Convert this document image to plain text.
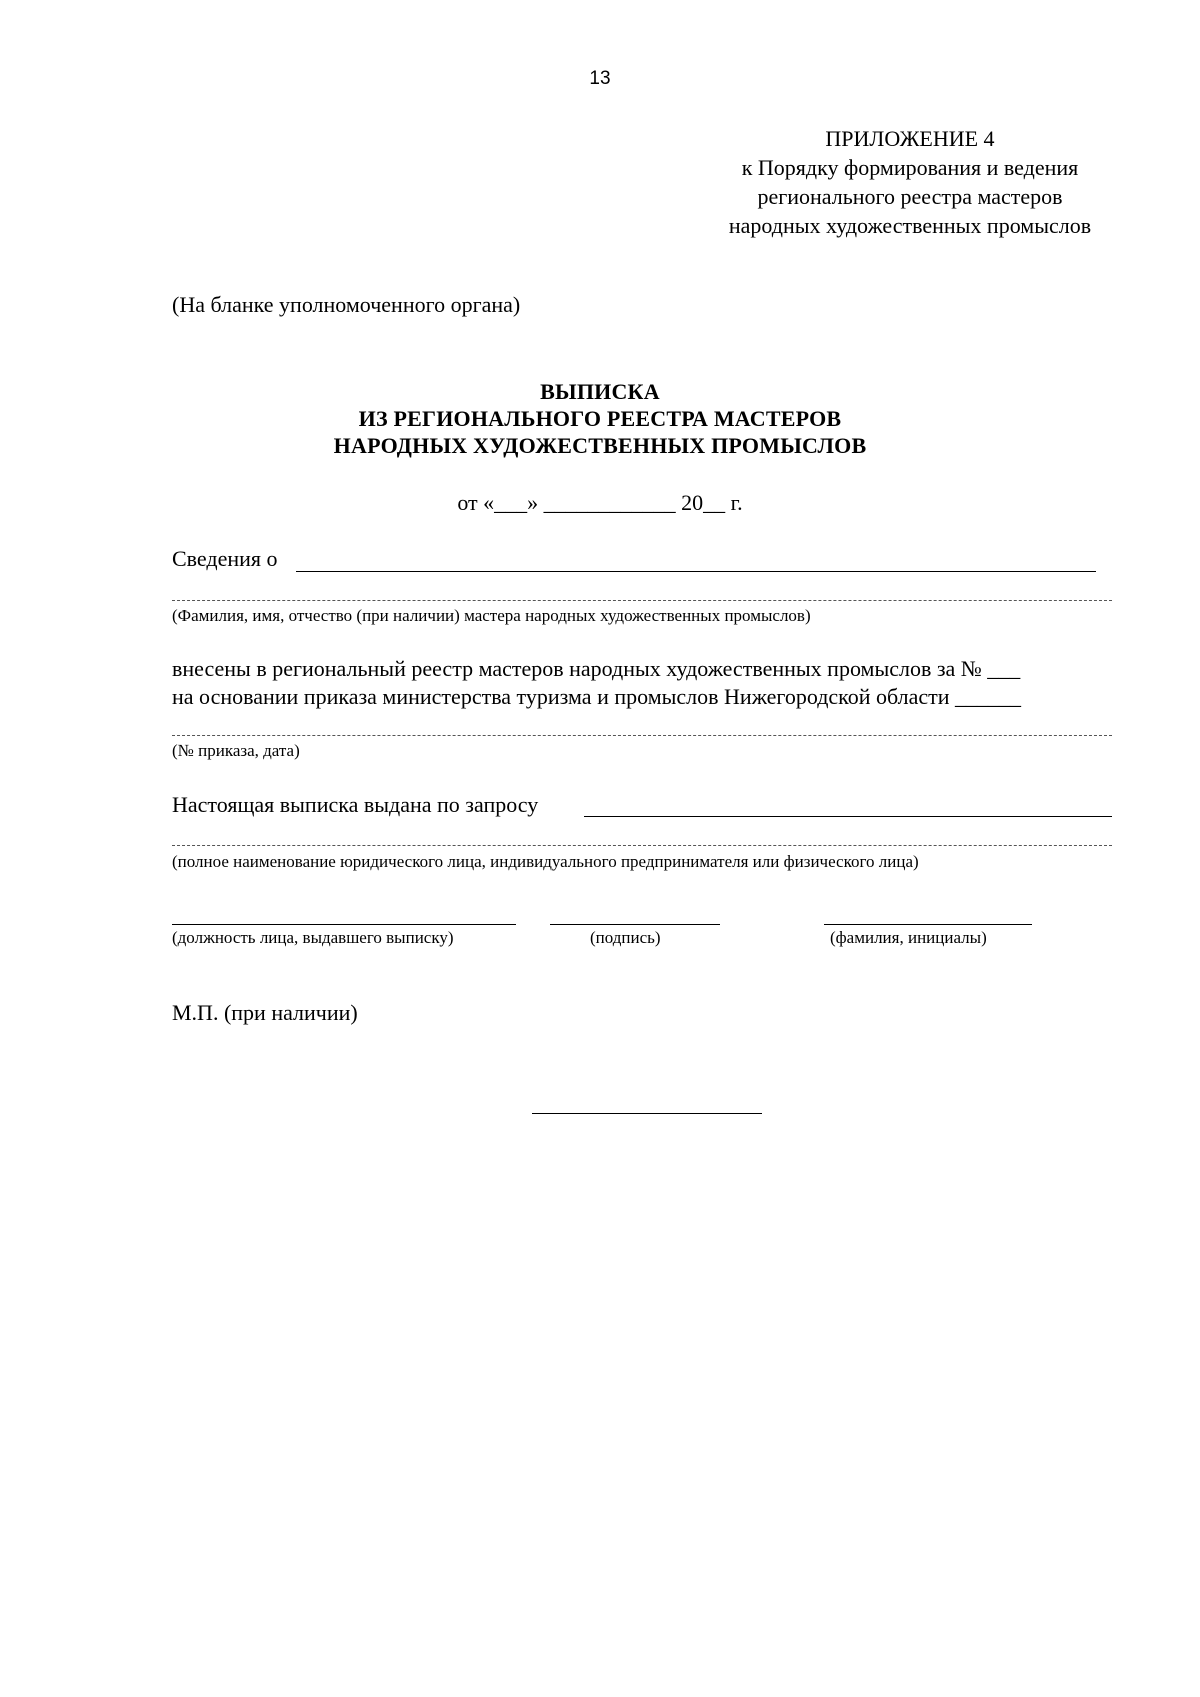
13
ПРИЛОЖЕНИЕ 4
к Порядку формирования и ведения
регионального реестра мастеров
народных художественных промыслов
(На бланке уполномоченного органа)
ВЫПИСКА
ИЗ РЕГИОНАЛЬНОГО РЕЕСТРА МАСТЕРОВ
НАРОДНЫХ ХУДОЖЕСТВЕННЫХ ПРОМЫСЛОВ
от «___» ____________ 20__ г.
Сведения о
(Фамилия, имя, отчество (при наличии) мастера народных художественных промыслов)
внесены в региональный реестр мастеров народных художественных промыслов за № ___
на основании приказа министерства туризма и промыслов Нижегородской области ______
(№ приказа, дата)
Настоящая выписка выдана по запросу
(полное наименование юридического лица, индивидуального предпринимателя или физического лица)
(должность лица, выдавшего выписку)	(подпись)	(фамилия, инициалы)
М.П. (при наличии)
